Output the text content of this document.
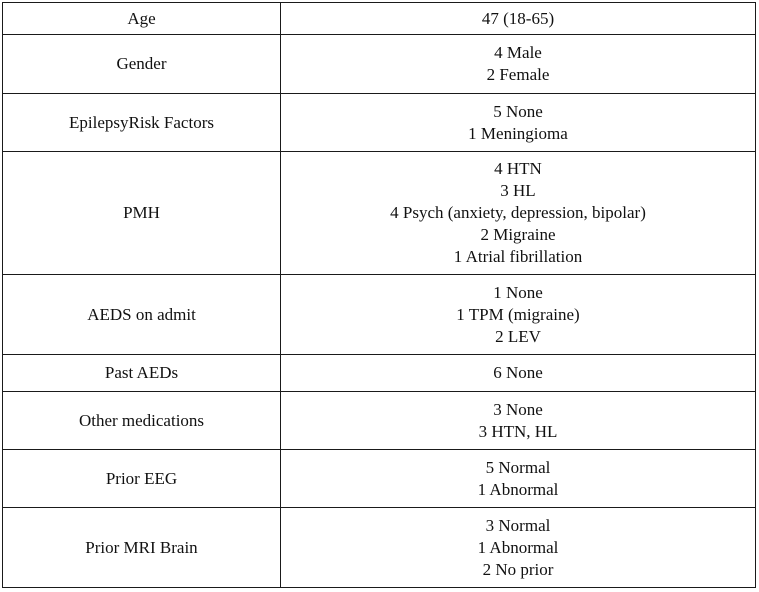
Age	47 (18-65)

Gender	4 Male
2 Female

EpilepsyRisk Factors	5 None
1 Meningioma

PMH	4 HTN
3 HL
4 Psych (anxiety, depression, bipolar)
2 Migraine
1 Atrial fibrillation

AEDS on admit	1 None
1 TPM (migraine)
2 LEV

Past AEDs	6 None

Other medications	3 None
3 HTN, HL

Prior EEG	5 Normal
1 Abnormal

Prior MRI Brain	3 Normal
1 Abnormal
2 No prior
